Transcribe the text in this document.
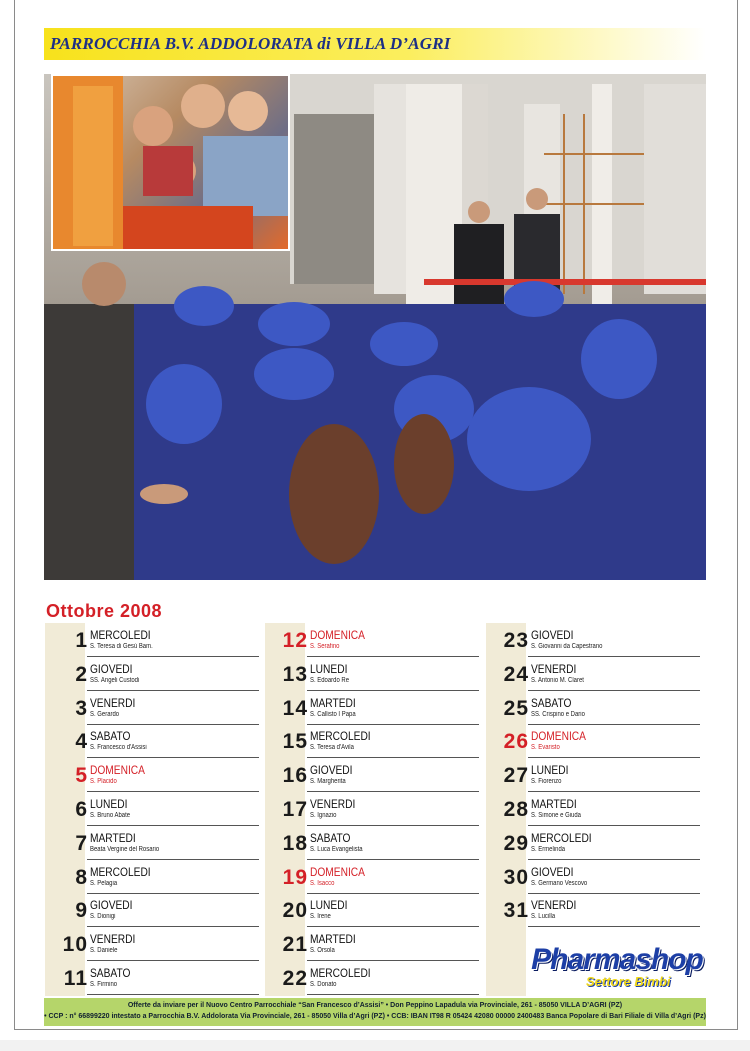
PARROCCHIA B.V. ADDOLORATA di VILLA D’AGRI
Ottobre 2008
1 MERCOLEDI
S. Teresa di Gesù Bam.
2 GIOVEDI
SS. Angeli Custodi
3 VENERDI
S. Gerardo
4 SABATO
S. Francesco d'Assisi
5 DOMENICA
S. Placido
6 LUNEDI
S. Bruno Abate
7 MARTEDI
Beata Vergine del Rosario
8 MERCOLEDI
S. Pelagia
9 GIOVEDI
S. Dionigi
10 VENERDI
S. Daniele
11 SABATO
S. Firmino
12 DOMENICA
S. Serafino
13 LUNEDI
S. Edoardo Re
14 MARTEDI
S. Callisto I Papa
15 MERCOLEDI
S. Teresa d'Avila
16 GIOVEDI
S. Margherita
17 VENERDI
S. Ignazio
18 SABATO
S. Luca Evangelista
19 DOMENICA
S. Isacco
20 LUNEDI
S. Irene
21 MARTEDI
S. Orsola
22 MERCOLEDI
S. Donato
23 GIOVEDI
S. Giovanni da Capestrano
24 VENERDI
S. Antonio M. Claret
25 SABATO
SS. Crispino e Dario
26 DOMENICA
S. Evaristo
27 LUNEDI
S. Fiorenzo
28 MARTEDI
S. Simone e Giuda
29 MERCOLEDI
S. Ermelinda
30 GIOVEDI
S. Germano Vescovo
31 VENERDI
S. Lucilla
Pharmashop
Settore Bimbi
Offerte da inviare per il Nuovo Centro Parrocchiale “San Francesco d’Assisi” • Don Peppino Lapadula via Provinciale, 261 - 85050 VILLA D’AGRI (PZ)
• CCP : n° 66899220 intestato a Parrocchia B.V. Addolorata Via Provinciale, 261 - 85050 Villa d’Agri (PZ) • CCB: IBAN IT98 R 05424 42080 00000 2400483 Banca Popolare di Bari Filiale di Villa d’Agri (Pz)
